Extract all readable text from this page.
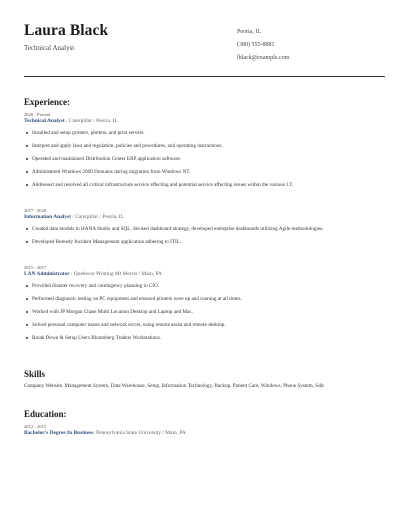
Laura Black
Technical Analyst
Peoria, IL
(380) 555-8881
lblack@example.com
Experience:
2020 - Present
Technical Analyst / Caterpillar / Peoria, IL
Installed and setup printers, plotters, and print servers.
Interpret and apply laws and regulation, policies and procedures, and operating instructions.
Operated and maintained Distribution Center ERP application software.
Administered Windows 2000 Domains during migration from Windows NT.
Addressed and resolved all critical infrastructure service affecting and potential service affecting issues within the various I.T.
2017 - 2020
Information Analyst / Caterpillar / Peoria, IL
Created data models in HANA Studio and SQL, devised dashboard strategy, developed enterprise dashboards utilizing Agile methodologies.
Developed Remedy Incident Management application adhering to ITIL.
2015 - 2017
LAN Administrator / Quebecor Printing Mt Morris / Main, PA
Provided disaster recovery and contingency planning to CIO.
Performed diagnostic testing on PC equipment and ensured printers were up and running at all times.
Worked with JP Morgan Chase Multi Location Desktop and Laptop and Mac.
Solved personal computer issues and network errors, using remote assist and remote desktop.
Break Down & Setup Users Bloomberg Traders Workstations.
Skills
Company Website, Management System, Data Warehouse, Setup, Information Technology, Backup, Patient Care, Windows, Phone System, Sdlc
Education:
2012 - 2015
Bachelor's Degree In Business/ Pennsylvania State University / Main, PA
